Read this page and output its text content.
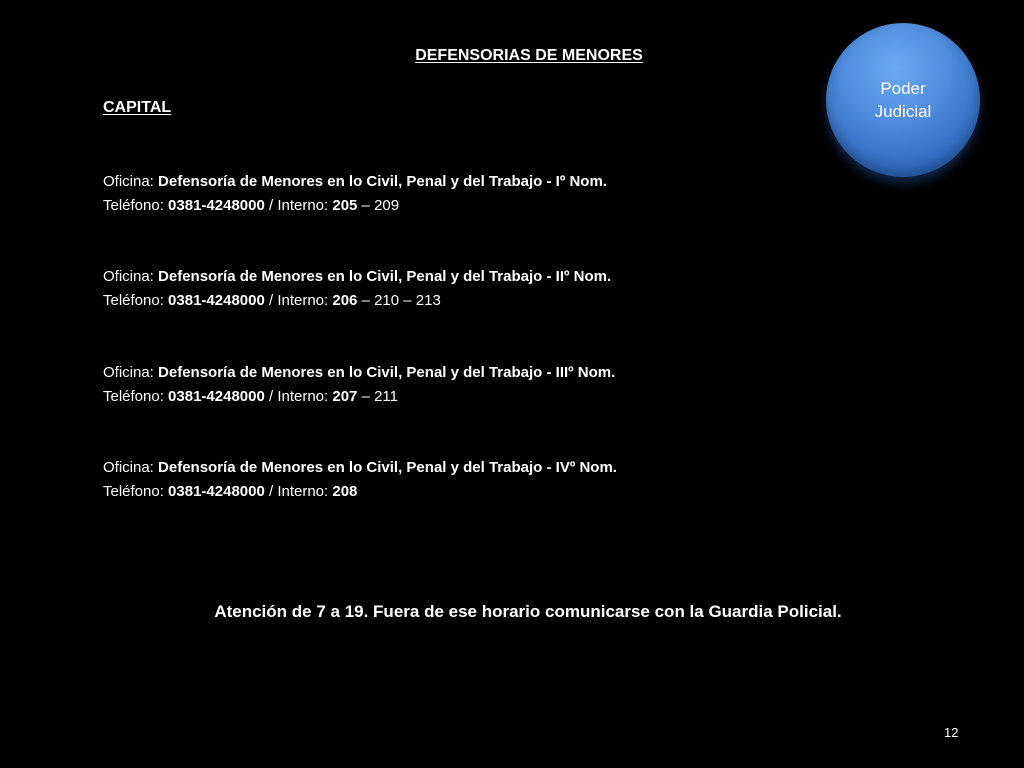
DEFENSORIAS DE MENORES
CAPITAL
Poder
Judicial
Oficina: Defensoría de Menores en lo Civil, Penal y del Trabajo - Iº Nom.
Teléfono: 0381-4248000 / Interno: 205 – 209
Oficina: Defensoría de Menores en lo Civil, Penal y del Trabajo - IIº Nom.
Teléfono: 0381-4248000 / Interno: 206 – 210 – 213
Oficina: Defensoría de Menores en lo Civil, Penal y del Trabajo - IIIº Nom.
Teléfono: 0381-4248000 / Interno: 207 – 211
Oficina: Defensoría de Menores en lo Civil, Penal y del Trabajo - IVº Nom.
Teléfono: 0381-4248000 / Interno: 208
Atención de 7 a 19. Fuera de ese horario comunicarse con la Guardia Policial.
12
